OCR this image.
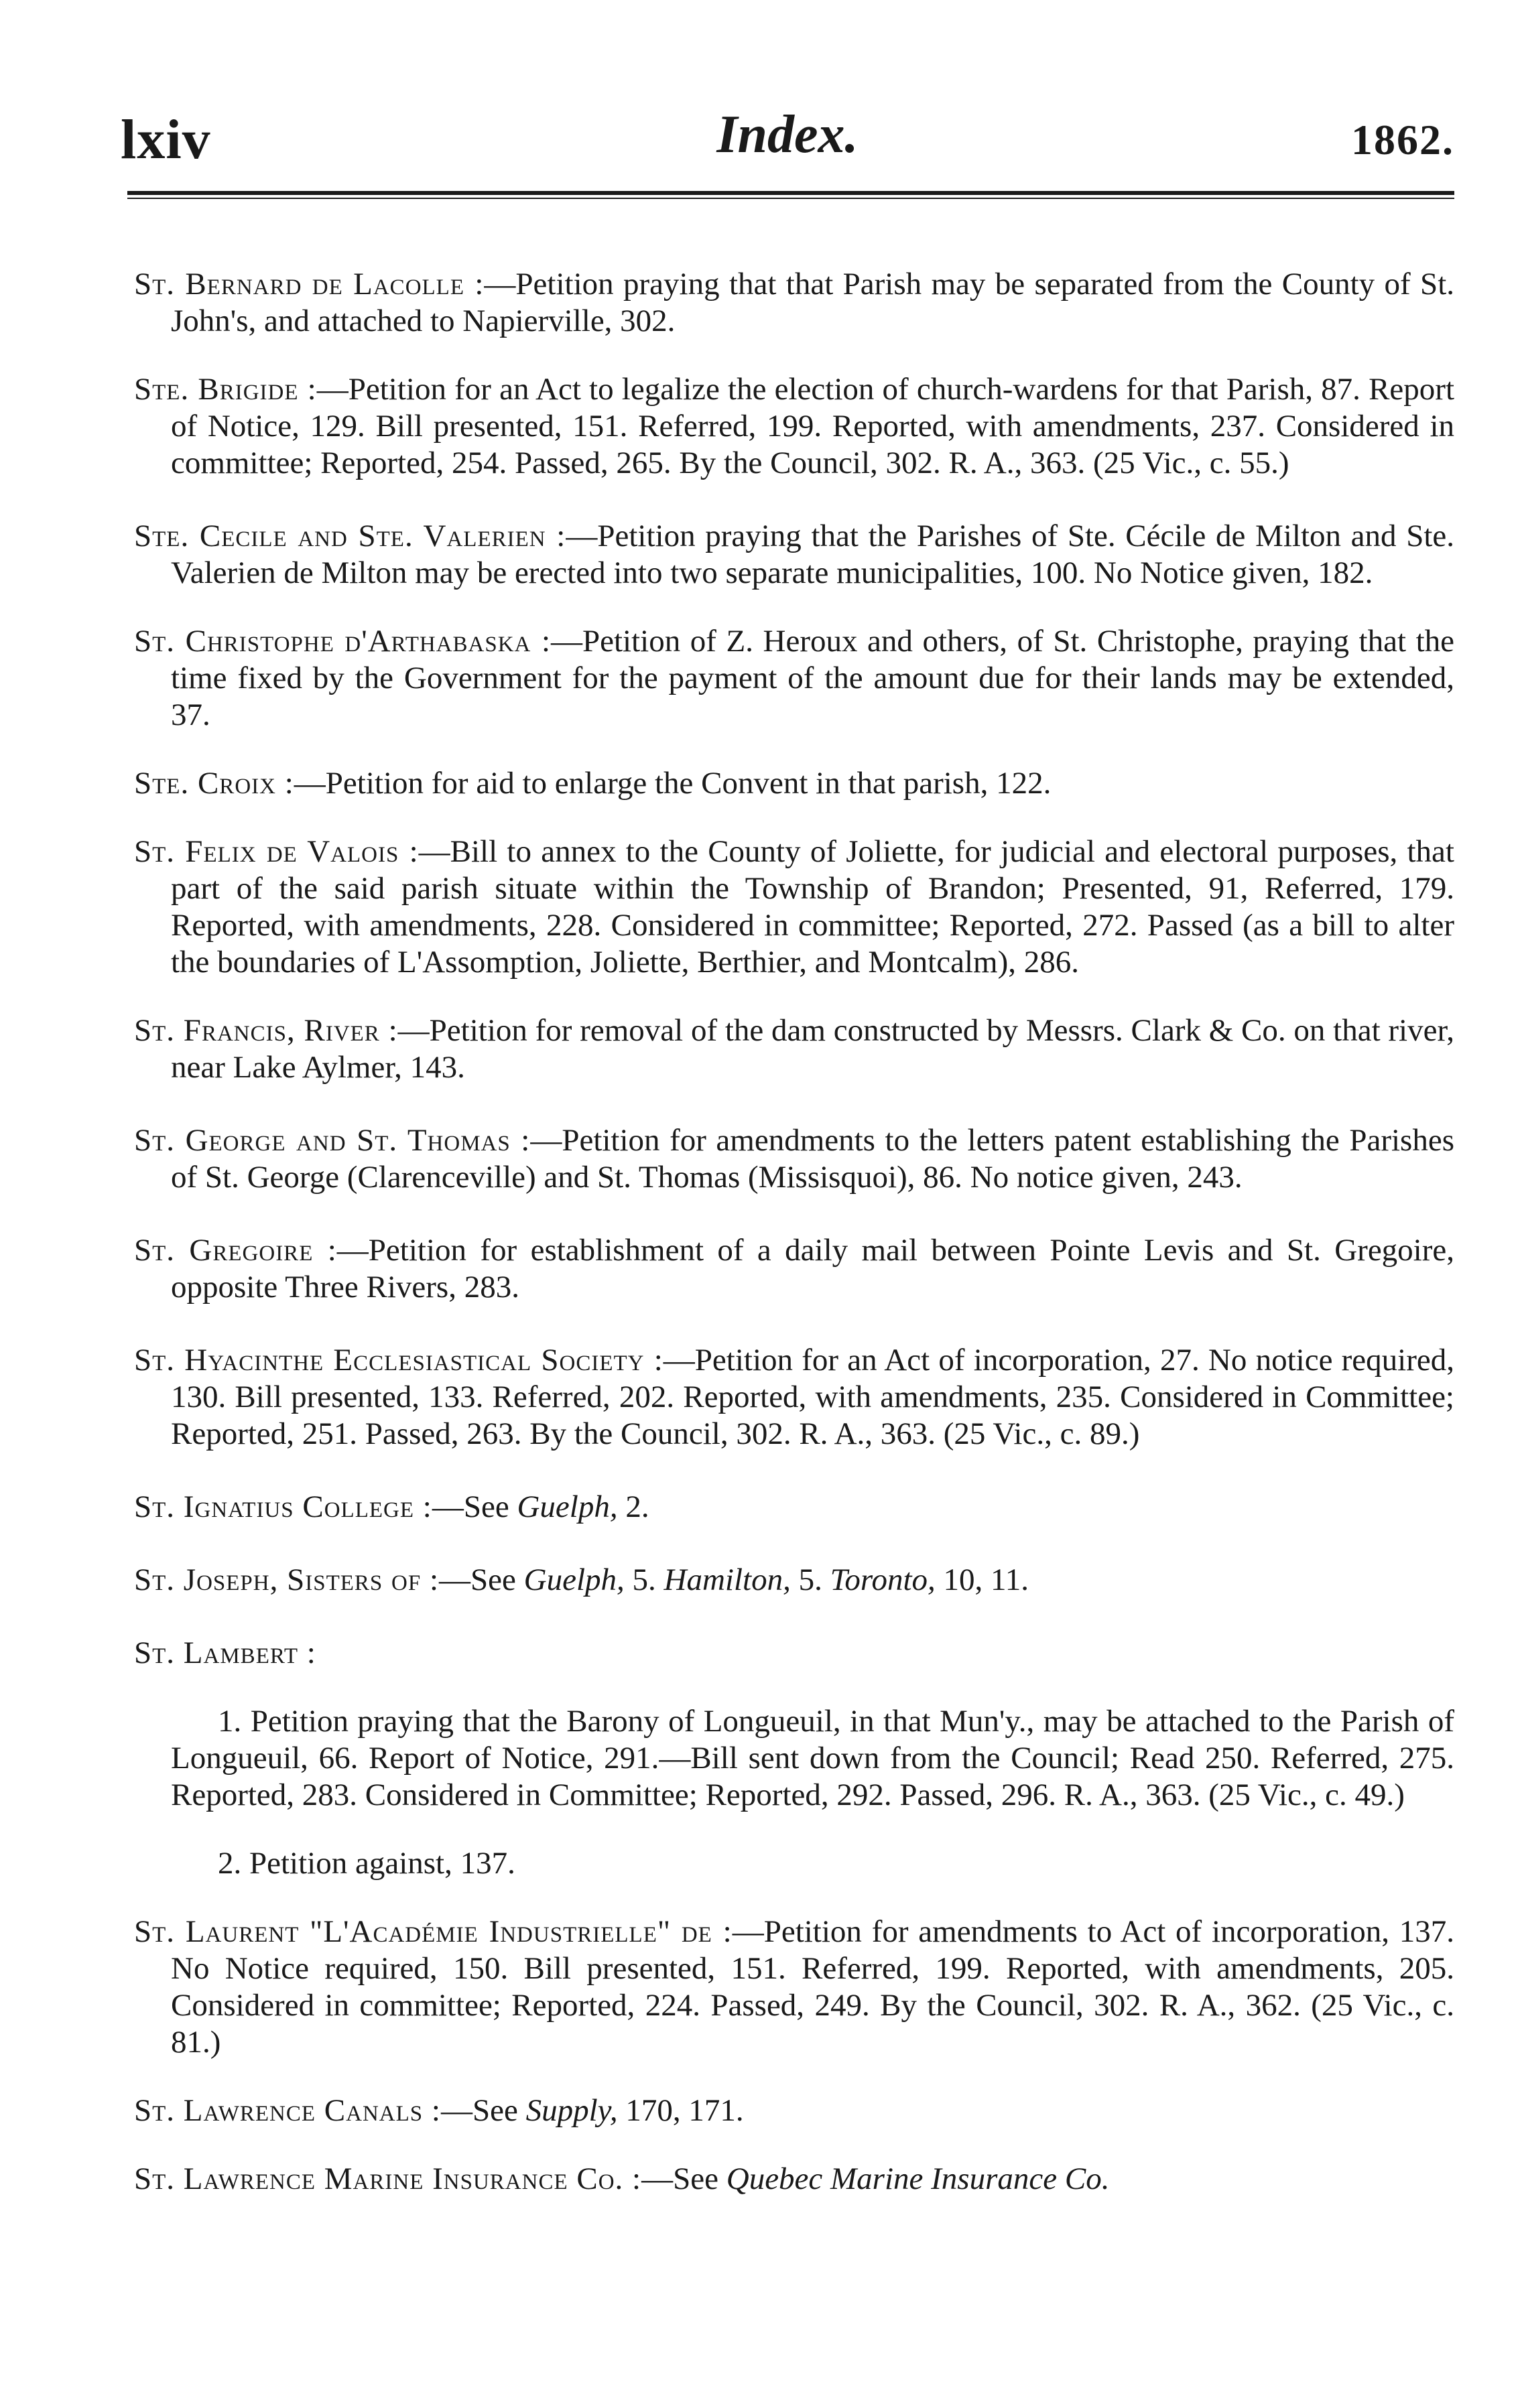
lxiv	Index.	1862.

St. Bernard de Lacolle :—Petition praying that that Parish may be separated from the County of St. John's, and attached to Napierville, 302.

Ste. Brigide :—Petition for an Act to legalize the election of church-wardens for that Parish, 87. Report of Notice, 129. Bill presented, 151. Referred, 199. Reported, with amendments, 237. Considered in committee; Reported, 254. Passed, 265. By the Council, 302. R. A., 363. (25 Vic., c. 55.)

Ste. Cecile and Ste. Valerien :—Petition praying that the Parishes of Ste. Cécile de Milton and Ste. Valerien de Milton may be erected into two separate municipalities, 100. No Notice given, 182.

St. Christophe d'Arthabaska :—Petition of Z. Heroux and others, of St. Christophe, praying that the time fixed by the Government for the payment of the amount due for their lands may be extended, 37.

Ste. Croix :—Petition for aid to enlarge the Convent in that parish, 122.

St. Felix de Valois :—Bill to annex to the County of Joliette, for judicial and electoral purposes, that part of the said parish situate within the Township of Brandon; Presented, 91, Referred, 179. Reported, with amendments, 228. Considered in committee; Reported, 272. Passed (as a bill to alter the boundaries of L'Assomption, Joliette, Berthier, and Montcalm), 286.

St. Francis, River :—Petition for removal of the dam constructed by Messrs. Clark & Co. on that river, near Lake Aylmer, 143.

St. George and St. Thomas :—Petition for amendments to the letters patent establishing the Parishes of St. George (Clarenceville) and St. Thomas (Missisquoi), 86. No notice given, 243.

St. Gregoire :—Petition for establishment of a daily mail between Pointe Levis and St. Gregoire, opposite Three Rivers, 283.

St. Hyacinthe Ecclesiastical Society :—Petition for an Act of incorporation, 27. No notice required, 130. Bill presented, 133. Referred, 202. Reported, with amendments, 235. Considered in Committee; Reported, 251. Passed, 263. By the Council, 302. R. A., 363. (25 Vic., c. 89.)

St. Ignatius College :—See Guelph, 2.

St. Joseph, Sisters of :—See Guelph, 5. Hamilton, 5. Toronto, 10, 11.

St. Lambert :

1. Petition praying that the Barony of Longueuil, in that Mun'y., may be attached to the Parish of Longueuil, 66. Report of Notice, 291.—Bill sent down from the Council; Read 250. Referred, 275. Reported, 283. Considered in Committee; Reported, 292. Passed, 296. R. A., 363. (25 Vic., c. 49.)

2. Petition against, 137.

St. Laurent "L'Académie Industrielle" de :—Petition for amendments to Act of incorporation, 137. No Notice required, 150. Bill presented, 151. Referred, 199. Reported, with amendments, 205. Considered in committee; Reported, 224. Passed, 249. By the Council, 302. R. A., 362. (25 Vic., c. 81.)

St. Lawrence Canals :—See Supply, 170, 171.

St. Lawrence Marine Insurance Co. :—See Quebec Marine Insurance Co.
